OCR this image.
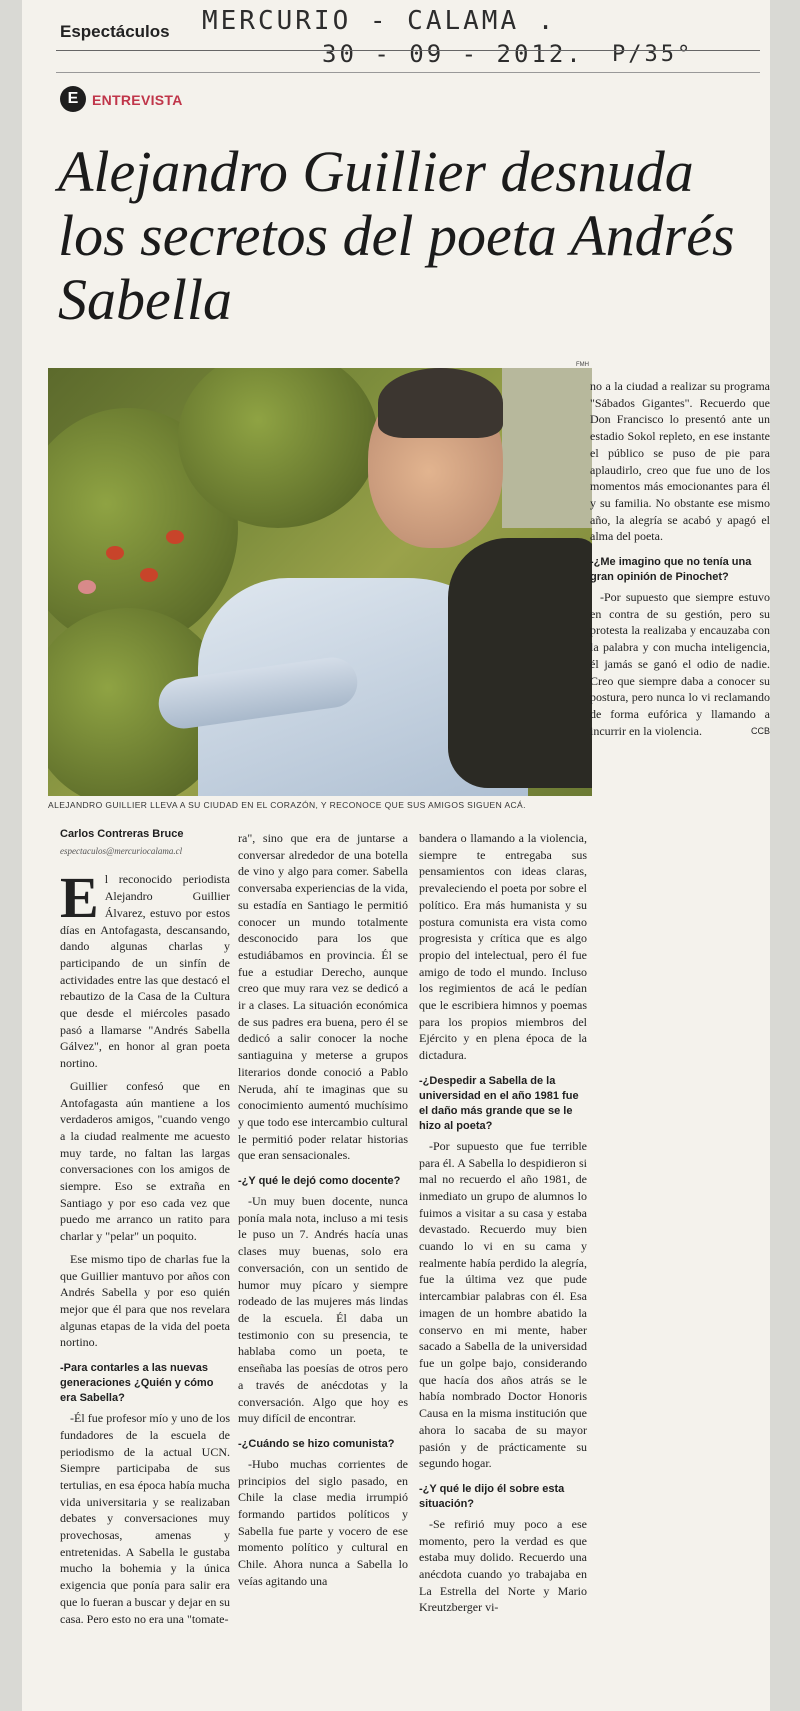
MERCURIO - CALAMA .
30 - 09 - 2012. P/35°
Espectáculos
E ENTREVISTA
Alejandro Guillier desnuda los secretos del poeta Andrés Sabella
FMH
ALEJANDRO GUILLIER LLEVA A SU CIUDAD EN EL CORAZÓN, Y RECONOCE QUE SUS AMIGOS SIGUEN ACÁ.

no a la ciudad a realizar su programa "Sábados Gigantes". Recuerdo que Don Francisco lo presentó ante un estadio Sokol repleto, en ese instante el público se puso de pie para aplaudirlo, creo que fue uno de los momentos más emocionantes para él y su familia. No obstante ese mismo año, la alegría se acabó y apagó el alma del poeta.

-¿Me imagino que no tenía una gran opinión de Pinochet?

-Por supuesto que siempre estuvo en contra de su gestión, pero su protesta la realizaba y encauzaba con la palabra y con mucha inteligencia, él jamás se ganó el odio de nadie. Creo que siempre daba a conocer su postura, pero nunca lo vi reclamando de forma eufórica y llamando a incurrir en la violencia.	CCB

Carlos Contreras Bruce

espectaculos@mercuriocalama.cl

El reconocido periodista Alejandro Guillier Álvarez, estuvo por estos días en Antofagasta, descansando, dando algunas charlas y participando de un sinfín de actividades entre las que destacó el rebautizo de la Casa de la Cultura que desde el miércoles pasado pasó a llamarse "Andrés Sabella Gálvez", en honor al gran poeta nortino.

Guillier confesó que en Antofagasta aún mantiene a los verdaderos amigos, "cuando vengo a la ciudad realmente me acuesto muy tarde, no faltan las largas conversaciones con los amigos de siempre. Eso se extraña en Santiago y por eso cada vez que puedo me arranco un ratito para charlar y "pelar" un poquito.

Ese mismo tipo de charlas fue la que Guillier mantuvo por años con Andrés Sabella y por eso quién mejor que él para que nos revelara algunas etapas de la vida del poeta nortino.

-Para contarles a las nuevas generaciones ¿Quién y cómo era Sabella?

-Él fue profesor mío y uno de los fundadores de la escuela de periodismo de la actual UCN. Siempre participaba de sus tertulias, en esa época había mucha vida universitaria y se realizaban debates y conversaciones muy provechosas, amenas y entretenidas. A Sabella le gustaba mucho la bohemia y la única exigencia que ponía para salir era que lo fueran a buscar y dejar en su casa. Pero esto no era una "tomate-

ra", sino que era de juntarse a conversar alrededor de una botella de vino y algo para comer. Sabella conversaba experiencias de la vida, su estadía en Santiago le permitió conocer un mundo totalmente desconocido para los que estudiábamos en provincia. Él se fue a estudiar Derecho, aunque creo que muy rara vez se dedicó a ir a clases. La situación económica de sus padres era buena, pero él se dedicó a salir conocer la noche santiaguina y meterse a grupos literarios donde conoció a Pablo Neruda, ahí te imaginas que su conocimiento aumentó muchísimo y que todo ese intercambio cultural le permitió poder relatar historias que eran sensacionales.

-¿Y qué le dejó como docente?

-Un muy buen docente, nunca ponía mala nota, incluso a mi tesis le puso un 7. Andrés hacía unas clases muy buenas, solo era conversación, con un sentido de humor muy pícaro y siempre rodeado de las mujeres más lindas de la escuela. Él daba un testimonio con su presencia, te hablaba como un poeta, te enseñaba las poesías de otros pero a través de anécdotas y la conversación. Algo que hoy es muy difícil de encontrar.

-¿Cuándo se hizo comunista?

-Hubo muchas corrientes de principios del siglo pasado, en Chile la clase media irrumpió formando partidos políticos y Sabella fue parte y vocero de ese momento político y cultural en Chile. Ahora nunca a Sabella lo veías agitando una

bandera o llamando a la violencia, siempre te entregaba sus pensamientos con ideas claras, prevaleciendo el poeta por sobre el político. Era más humanista y su postura comunista era vista como progresista y crítica que es algo propio del intelectual, pero él fue amigo de todo el mundo. Incluso los regimientos de acá le pedían que le escribiera himnos y poemas para los propios miembros del Ejército y en plena época de la dictadura.

-¿Despedir a Sabella de la universidad en el año 1981 fue el daño más grande que se le hizo al poeta?

-Por supuesto que fue terrible para él. A Sabella lo despidieron si mal no recuerdo el año 1981, de inmediato un grupo de alumnos lo fuimos a visitar a su casa y estaba devastado. Recuerdo muy bien cuando lo vi en su cama y realmente había perdido la alegría, fue la última vez que pude intercambiar palabras con él. Esa imagen de un hombre abatido la conservo en mi mente, haber sacado a Sabella de la universidad fue un golpe bajo, considerando que hacía dos años atrás se le había nombrado Doctor Honoris Causa en la misma institución que ahora lo sacaba de su mayor pasión y de prácticamente su segundo hogar.

-¿Y qué le dijo él sobre esta situación?

-Se refirió muy poco a ese momento, pero la verdad es que estaba muy dolido. Recuerdo una anécdota cuando yo trabajaba en La Estrella del Norte y Mario Kreutzberger vi-
